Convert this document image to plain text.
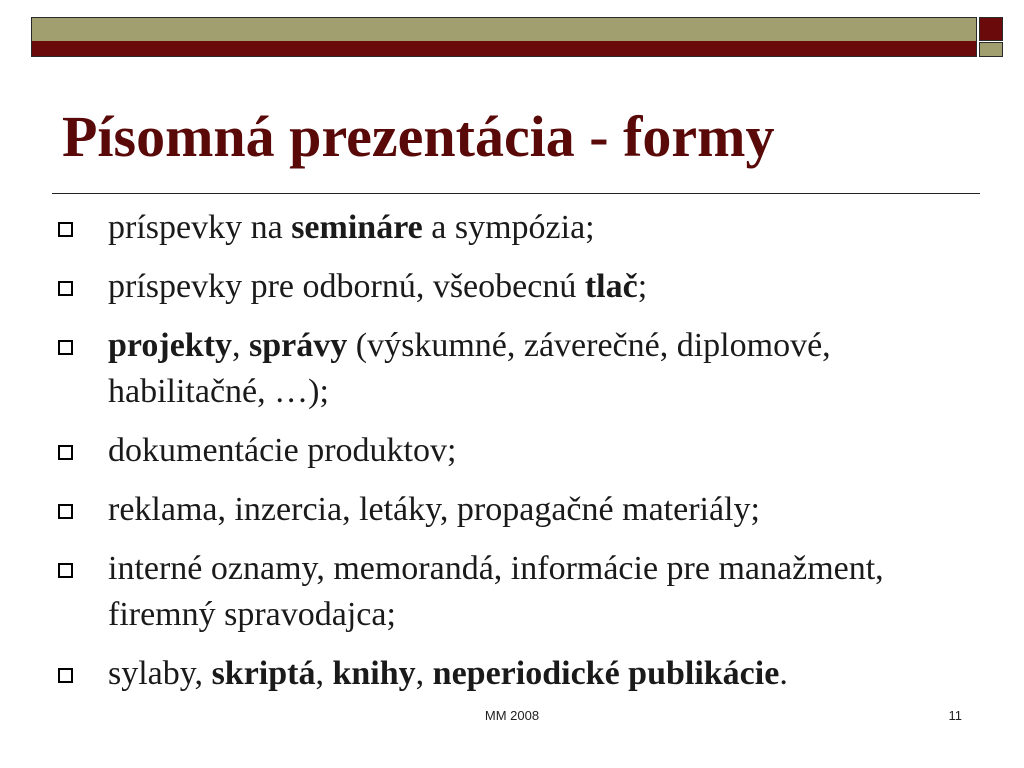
Písomná prezentácia - formy
príspevky na semináre a sympózia;
príspevky pre odbornú, všeobecnú tlač;
projekty, správy (výskumné, záverečné, diplomové, habilitačné, …);
dokumentácie produktov;
reklama, inzercia, letáky, propagačné materiály;
interné oznamy, memorandá, informácie pre manažment, firemný spravodajca;
sylaby, skriptá, knihy, neperiodické publikácie.
MM 2008	11
